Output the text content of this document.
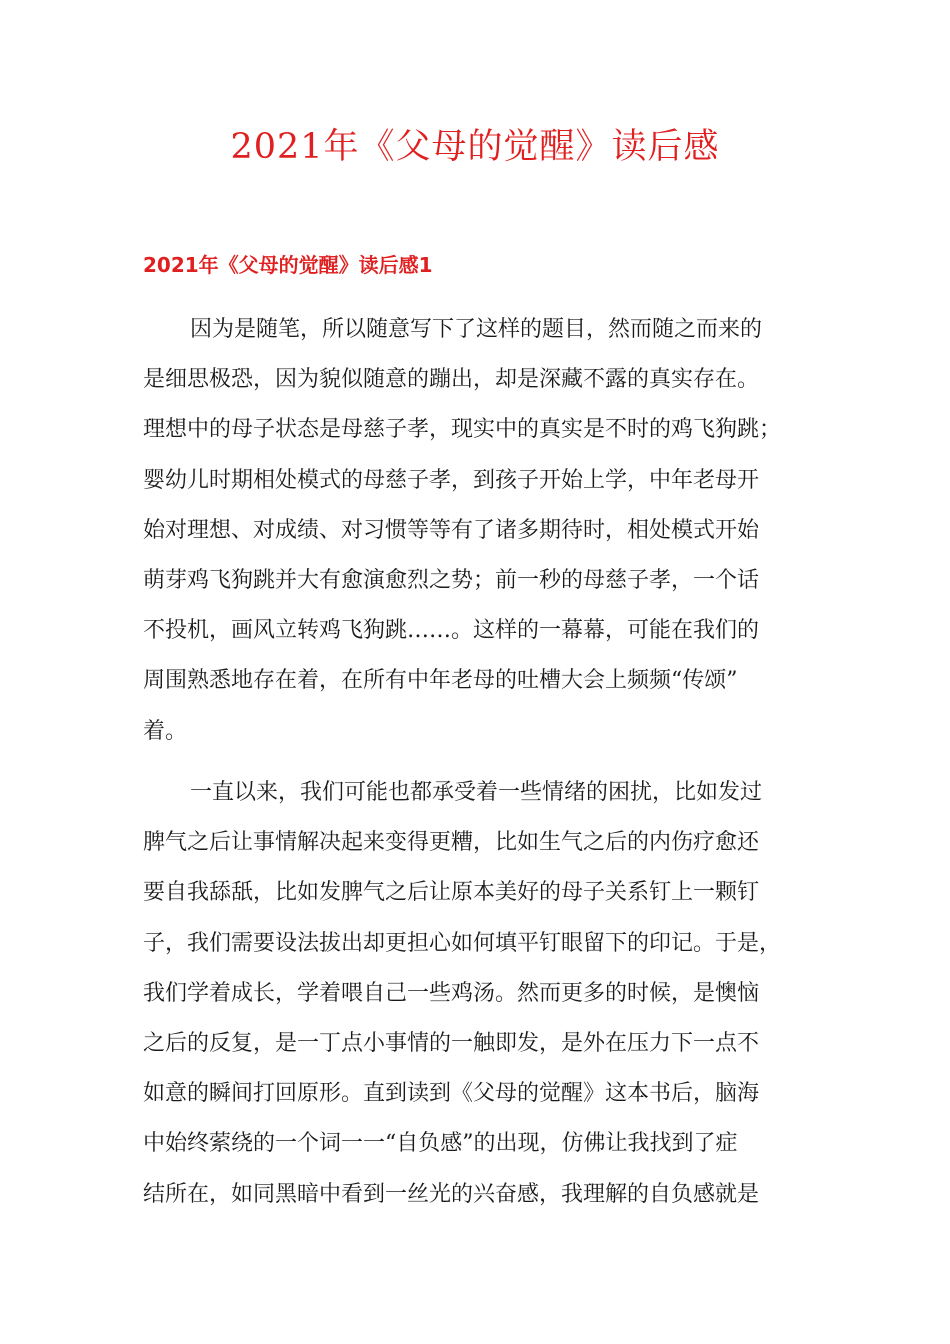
2021年《父母的觉醒》读后感
2021年《父母的觉醒》读后感1
因为是随笔，所以随意写下了这样的题目，然而随之而来的
是细思极恐，因为貌似随意的蹦出，却是深藏不露的真实存在。
理想中的母子状态是母慈子孝，现实中的真实是不时的鸡飞狗跳；
婴幼儿时期相处模式的母慈子孝，到孩子开始上学，中年老母开
始对理想、对成绩、对习惯等等有了诸多期待时，相处模式开始
萌芽鸡飞狗跳并大有愈演愈烈之势；前一秒的母慈子孝，一个话
不投机，画风立转鸡飞狗跳……。这样的一幕幕，可能在我们的
周围熟悉地存在着，在所有中年老母的吐槽大会上频频“传颂”
着。
一直以来，我们可能也都承受着一些情绪的困扰，比如发过
脾气之后让事情解决起来变得更糟，比如生气之后的内伤疗愈还
要自我舔舐，比如发脾气之后让原本美好的母子关系钉上一颗钉
子，我们需要设法拔出却更担心如何填平钉眼留下的印记。于是，
我们学着成长，学着喂自己一些鸡汤。然而更多的时候，是懊恼
之后的反复，是一丁点小事情的一触即发，是外在压力下一点不
如意的瞬间打回原形。直到读到《父母的觉醒》这本书后，脑海
中始终萦绕的一个词一一“自负感”的出现，仿佛让我找到了症
结所在，如同黑暗中看到一丝光的兴奋感，我理解的自负感就是
